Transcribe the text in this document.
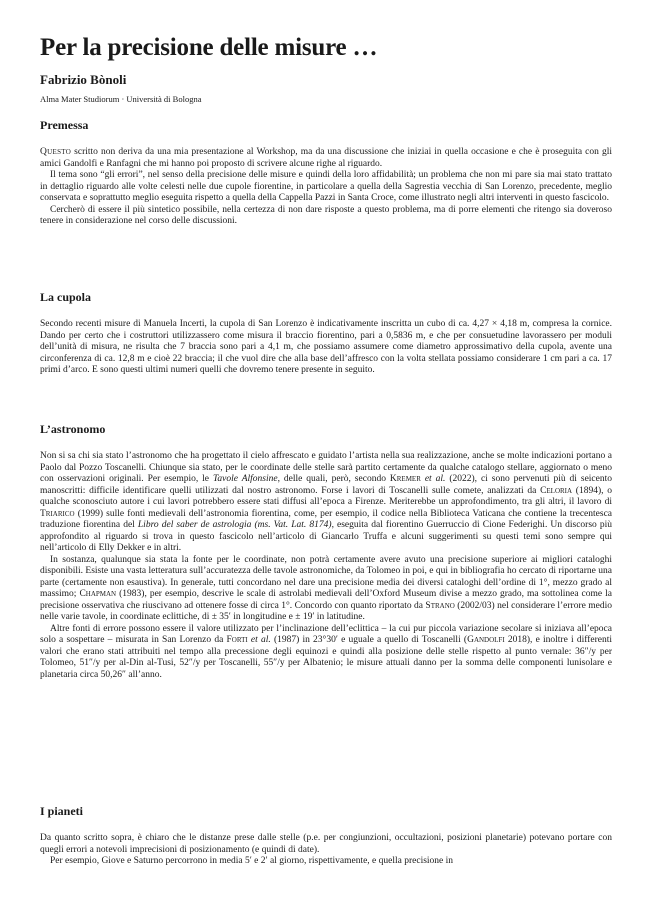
Per la precisione delle misure …
Fabrizio Bònoli
Alma Mater Studiorum · Università di Bologna
Premessa

Questo scritto non deriva da una mia presentazione al Workshop, ma da una discussione che iniziai in quella occasione e che è proseguita con gli amici Gandolfi e Ranfagni che mi hanno poi proposto di scrivere alcune righe al riguardo.

Il tema sono “gli errori”, nel senso della precisione delle misure e quindi della loro affidabilità; un problema che non mi pare sia mai stato trattato in dettaglio riguardo alle volte celesti nelle due cupole fiorentine, in particolare a quella della Sagrestia vecchia di San Lorenzo, precedente, meglio conservata e soprattutto meglio eseguita rispetto a quella della Cappella Pazzi in Santa Croce, come illustrato negli altri interventi in questo fascicolo.

Cercherò di essere il più sintetico possibile, nella certezza di non dare risposte a questo problema, ma di porre elementi che ritengo sia doveroso tenere in considerazione nel corso delle discussioni.

La cupola

Secondo recenti misure di Manuela Incerti, la cupola di San Lorenzo è indicativamente inscritta un cubo di ca. 4,27 × 4,18 m, compresa la cornice. Dando per certo che i costruttori utilizzassero come misura il braccio fiorentino, pari a 0,5836 m, e che per consuetudine lavorassero per moduli dell’unità di misura, ne risulta che 7 braccia sono pari a 4,1 m, che possiamo assumere come diametro approssimativo della cupola, avente una circonferenza di ca. 12,8 m e cioè 22 braccia; il che vuol dire che alla base dell’affresco con la volta stellata possiamo considerare 1 cm pari a ca. 17 primi d’arco. E sono questi ultimi numeri quelli che dovremo tenere presente in seguito.

L’astronomo

Non si sa chi sia stato l’astronomo che ha progettato il cielo affrescato e guidato l’artista nella sua realizzazione, anche se molte indicazioni portano a Paolo dal Pozzo Toscanelli. Chiunque sia stato, per le coordinate delle stelle sarà partito certamente da qualche catalogo stellare, aggiornato o meno con osservazioni originali. Per esempio, le Tavole Alfonsine, delle quali, però, secondo Kremer et al. (2022), ci sono pervenuti più di seicento manoscritti: difficile identificare quelli utilizzati dal nostro astronomo. Forse i lavori di Toscanelli sulle comete, analizzati da Celoria (1894), o qualche sconosciuto autore i cui lavori potrebbero essere stati diffusi all’epoca a Firenze. Meriterebbe un approfondimento, tra gli altri, il lavoro di Triarico (1999) sulle fonti medievali dell’astronomia fiorentina, come, per esempio, il codice nella Biblioteca Vaticana che contiene la trecentesca traduzione fiorentina del Libro del saber de astrologia (ms. Vat. Lat. 8174), eseguita dal fiorentino Guerruccio di Cione Federighi. Un discorso più approfondito al riguardo si trova in questo fascicolo nell’articolo di Giancarlo Truffa e alcuni suggerimenti su questi temi sono sempre qui nell’articolo di Elly Dekker e in altri.

In sostanza, qualunque sia stata la fonte per le coordinate, non potrà certamente avere avuto una precisione superiore ai migliori cataloghi disponibili. Esiste una vasta letteratura sull’accuratezza delle tavole astronomiche, da Tolomeo in poi, e qui in bibliografia ho cercato di riportarne una parte (certamente non esaustiva). In generale, tutti concordano nel dare una precisione media dei diversi cataloghi dell’ordine di 1°, mezzo grado al massimo; Chapman (1983), per esempio, descrive le scale di astrolabi medievali dell’Oxford Museum divise a mezzo grado, ma sottolinea come la precisione osservativa che riuscivano ad ottenere fosse di circa 1°. Concordo con quanto riportato da Strano (2002/03) nel considerare l’errore medio nelle varie tavole, in coordinate eclittiche, di ± 35′ in longitudine e ± 19′ in latitudine.

Altre fonti di errore possono essere il valore utilizzato per l’inclinazione dell’eclittica – la cui pur piccola variazione secolare si iniziava all’epoca solo a sospettare – misurata in San Lorenzo da Forti et al. (1987) in 23°30′ e uguale a quello di Toscanelli (Gandolfi 2018), e inoltre i differenti valori che erano stati attribuiti nel tempo alla precessione degli equinozi e quindi alla posizione delle stelle rispetto al punto vernale: 36″/y per Tolomeo, 51″/y per al-Din al-Tusi, 52″/y per Toscanelli, 55″/y per Albatenio; le misure attuali danno per la somma delle componenti lunisolare e planetaria circa 50,26″ all’anno.

I pianeti

Da quanto scritto sopra, è chiaro che le distanze prese dalle stelle (p.e. per congiunzioni, occultazioni, posizioni planetarie) potevano portare con quegli errori a notevoli imprecisioni di posizionamento (e quindi di date).

Per esempio, Giove e Saturno percorrono in media 5′ e 2′ al giorno, rispettivamente, e quella precisione in
